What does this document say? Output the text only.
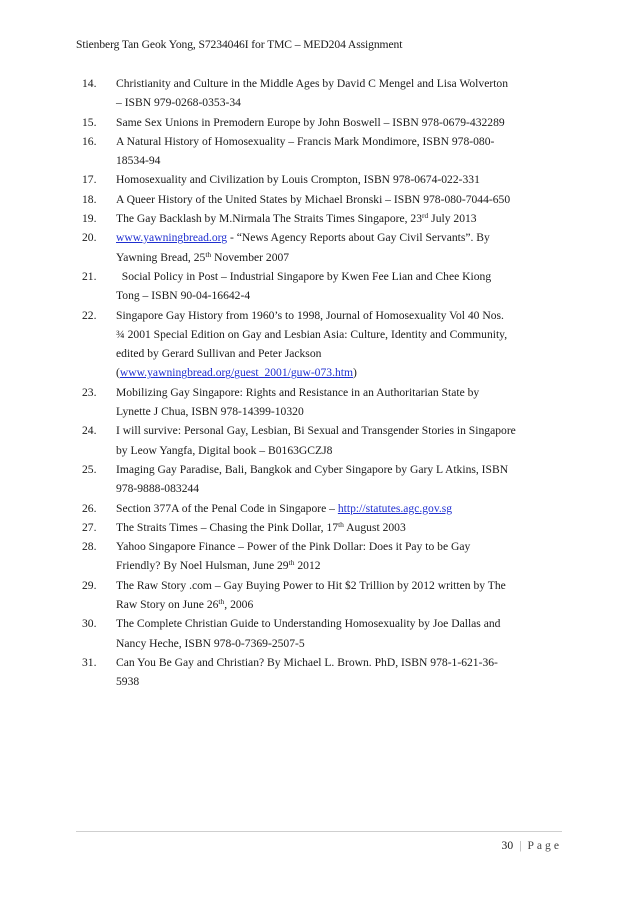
Stienberg Tan Geok Yong, S7234046I for TMC – MED204 Assignment
14. Christianity and Culture in the Middle Ages by David C Mengel and Lisa Wolverton
– ISBN 979-0268-0353-34
15. Same Sex Unions in Premodern Europe by John Boswell – ISBN 978-0679-432289
16. A Natural History of Homosexuality – Francis Mark Mondimore, ISBN 978-080-
18534-94
17. Homosexuality and Civilization by Louis Crompton, ISBN 978-0674-022-331
18. A Queer History of the United States by Michael Bronski – ISBN 978-080-7044-650
19. The Gay Backlash by M.Nirmala The Straits Times Singapore, 23rd July 2013
20. www.yawningbread.org - “News Agency Reports about Gay Civil Servants”. By
Yawning Bread, 25th November 2007
21. Social Policy in Post – Industrial Singapore by Kwen Fee Lian and Chee Kiong
Tong – ISBN 90-04-16642-4
22. Singapore Gay History from 1960’s to 1998, Journal of Homosexuality Vol 40 Nos.
¾ 2001 Special Edition on Gay and Lesbian Asia: Culture, Identity and Community,
edited by Gerard Sullivan and Peter Jackson
(www.yawningbread.org/guest_2001/guw-073.htm)
23. Mobilizing Gay Singapore: Rights and Resistance in an Authoritarian State by
Lynette J Chua, ISBN 978-14399-10320
24. I will survive: Personal Gay, Lesbian, Bi Sexual and Transgender Stories in Singapore
by Leow Yangfa, Digital book – B0163GCZJ8
25. Imaging Gay Paradise, Bali, Bangkok and Cyber Singapore by Gary L Atkins, ISBN
978-9888-083244
26. Section 377A of the Penal Code in Singapore – http://statutes.agc.gov.sg
27. The Straits Times – Chasing the Pink Dollar, 17th August 2003
28. Yahoo Singapore Finance – Power of the Pink Dollar: Does it Pay to be Gay
Friendly? By Noel Hulsman, June 29th 2012
29. The Raw Story .com – Gay Buying Power to Hit $2 Trillion by 2012 written by The
Raw Story on June 26th, 2006
30. The Complete Christian Guide to Understanding Homosexuality by Joe Dallas and
Nancy Heche, ISBN 978-0-7369-2507-5
31. Can You Be Gay and Christian? By Michael L. Brown. PhD, ISBN 978-1-621-36-
5938
30 | Page
